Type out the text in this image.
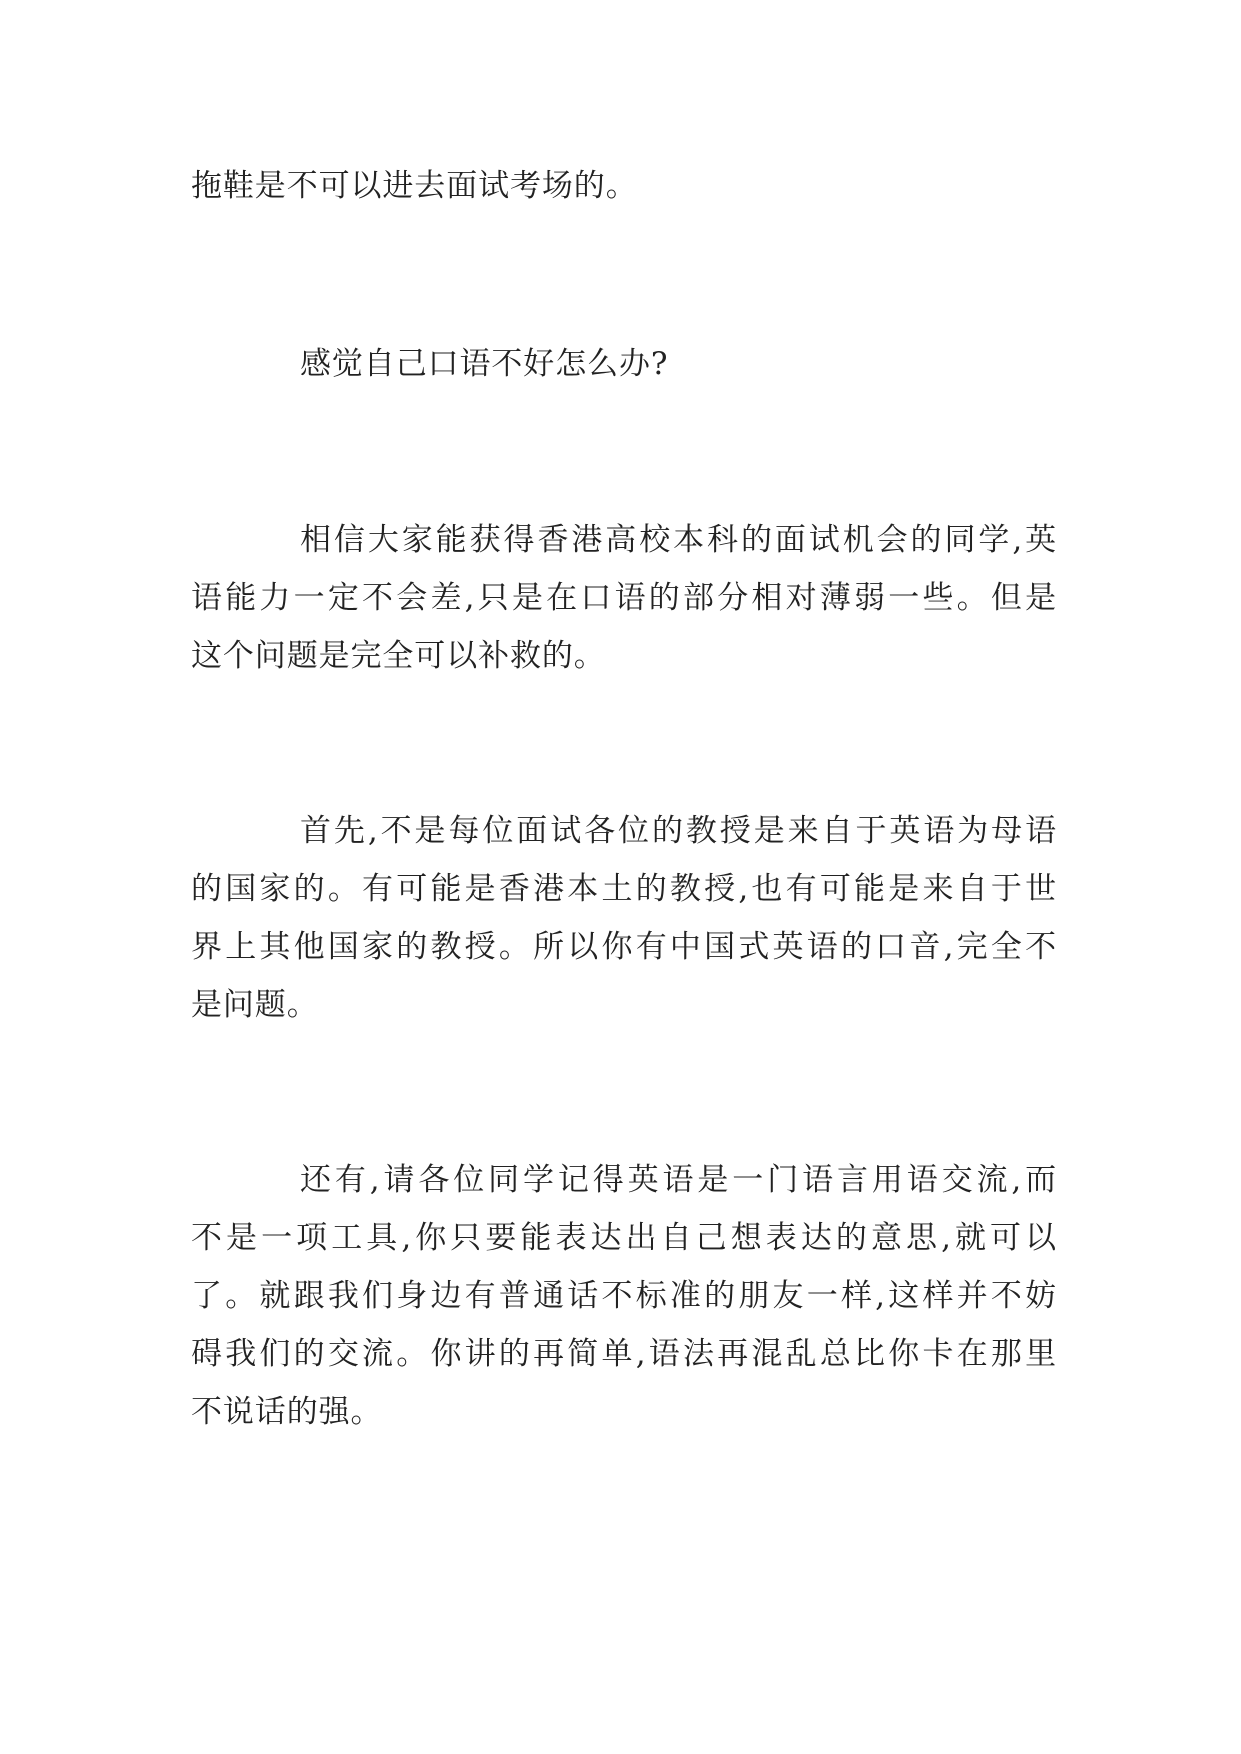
拖鞋是不可以进去面试考场的。
感觉自己口语不好怎么办?
相信大家能获得香港高校本科的面试机会的同学,英
语能力一定不会差,只是在口语的部分相对薄弱一些。但是
这个问题是完全可以补救的。
首先,不是每位面试各位的教授是来自于英语为母语
的国家的。有可能是香港本土的教授,也有可能是来自于世
界上其他国家的教授。所以你有中国式英语的口音,完全不
是问题。
还有,请各位同学记得英语是一门语言用语交流,而
不是一项工具,你只要能表达出自己想表达的意思,就可以
了。就跟我们身边有普通话不标准的朋友一样,这样并不妨
碍我们的交流。你讲的再简单,语法再混乱总比你卡在那里
不说话的强。
